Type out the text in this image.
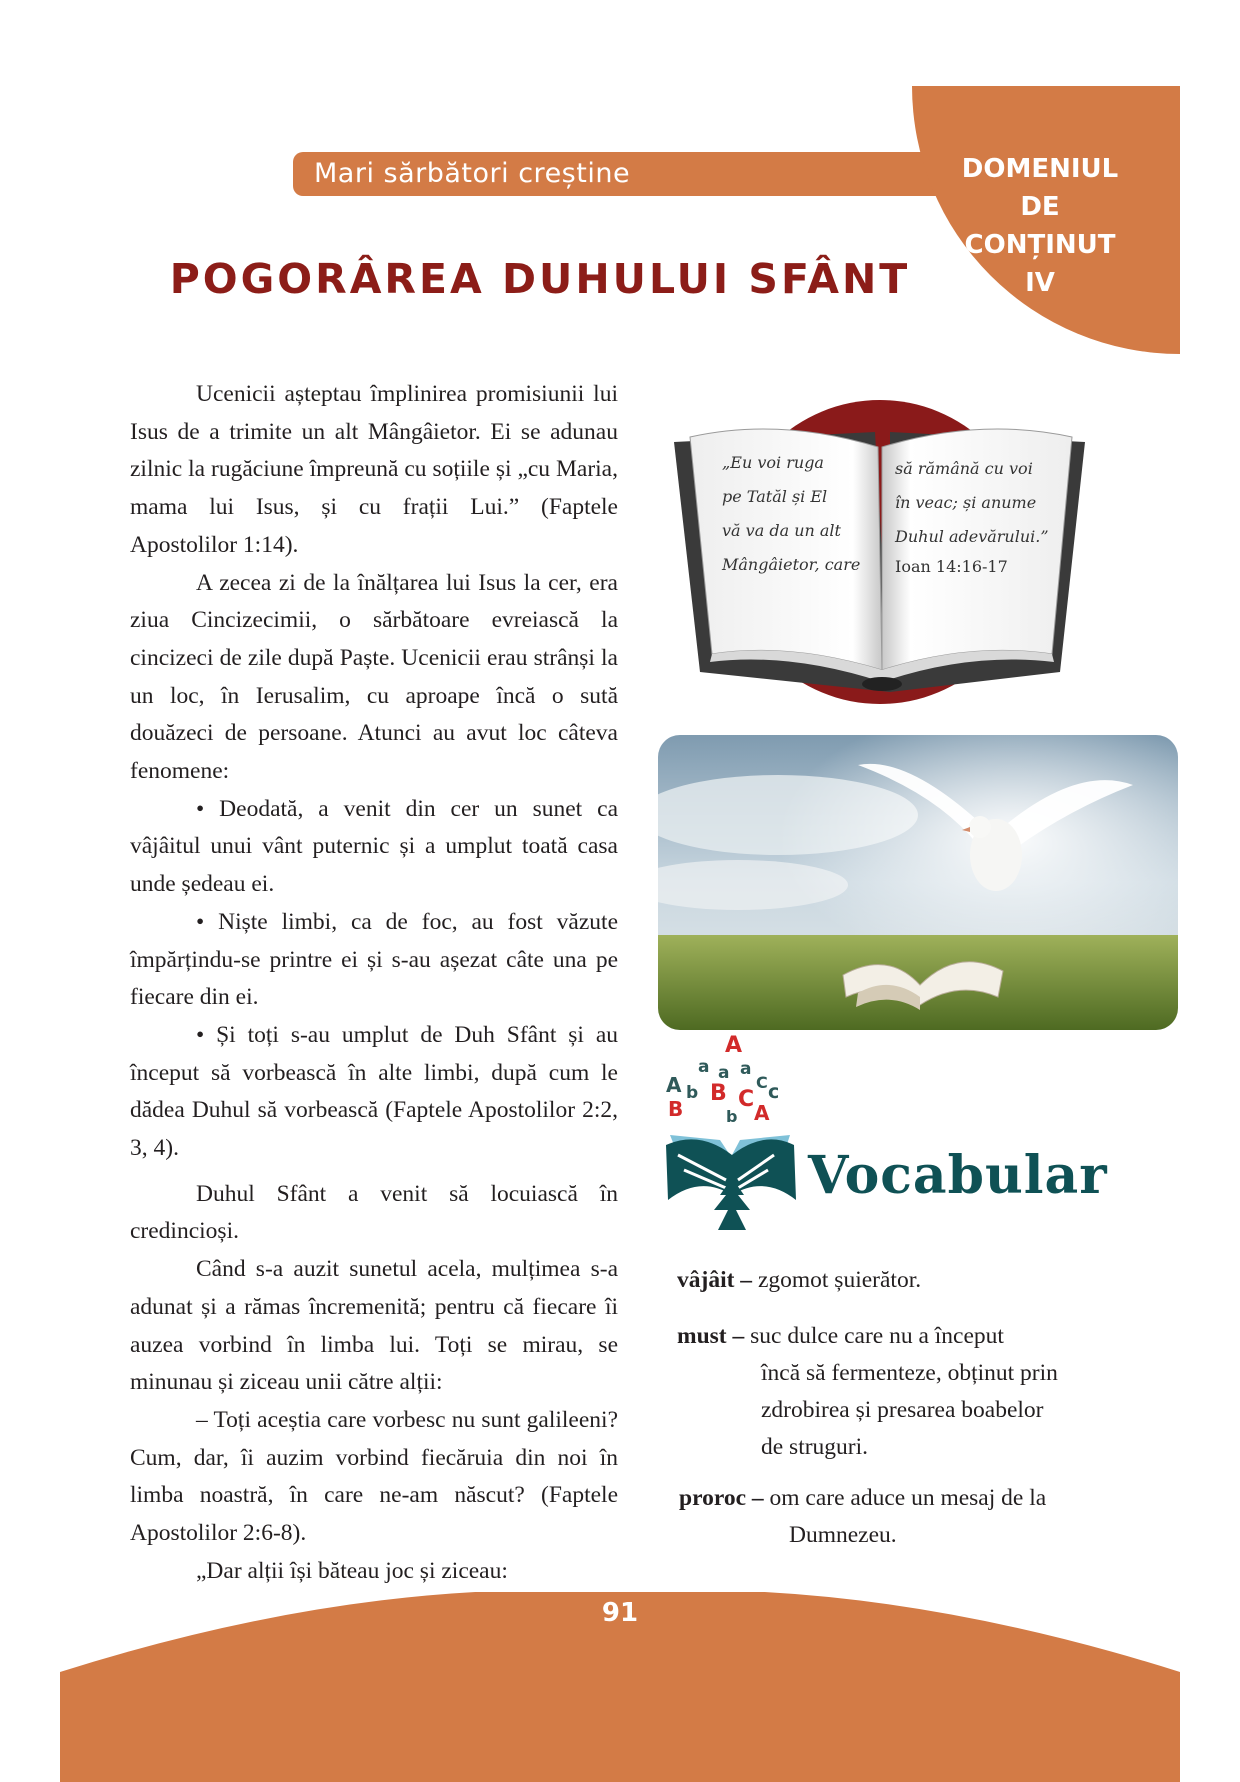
Mari sărbători creștine	DOMENIUL
DE
CONȚINUT
IV
POGORÂREA DUHULUI SFÂNT

Ucenicii așteptau împlinirea promisiunii lui Isus de a trimite un alt Mângâietor. Ei se adunau zilnic la rugăciune împreună cu soțiile și „cu Maria, mama lui Isus, și cu frații Lui.” (Faptele Apostolilor 1:14).

A zecea zi de la înălțarea lui Isus la cer, era ziua Cincizecimii, o sărbătoare evreiască la cincizeci de zile după Paște. Ucenicii erau strânși la un loc, în Ierusalim, cu aproape încă o sută douăzeci de persoane. Atunci au avut loc câteva fenomene:

• Deodată, a venit din cer un sunet ca vâjâitul unui vânt puternic și a umplut toată casa unde ședeau ei.

• Niște limbi, ca de foc, au fost văzute împărțindu-se printre ei și s-au așezat câte una pe fiecare din ei.

• Și toți s-au umplut de Duh Sfânt și au început să vorbească în alte limbi, după cum le dădea Duhul să vorbească (Faptele Apostolilor 2:2, 3, 4).

Duhul Sfânt a venit să locuiască în credincioși.

Când s-a auzit sunetul acela, mulțimea s-a adunat și a rămas încremenită; pentru că fiecare îi auzea vorbind în limba lui. Toți se mirau, se minunau și ziceau unii către alții:

– Toți aceștia care vorbesc nu sunt galileeni? Cum, dar, îi auzim vorbind fiecăruia din noi în limba noastră, în care ne-am născut? (Faptele Apostolilor 2:6-8).

„Dar alții își băteau joc și ziceau:

„Eu voi ruga
pe Tatăl și El
vă va da un alt
Mângâietor, care
să rămână cu voi
în veac; și anume
Duhul adevărului.”
Ioan 14:16-17
A
a a a
A b B C c
B C
b A
Vocabular
vâjâit – zgomot șuierător.
must – suc dulce care nu a început
încă să fermenteze, obținut prin
zdrobirea și presarea boabelor
de struguri.
proroc – om care aduce un mesaj de la
Dumnezeu.
91
